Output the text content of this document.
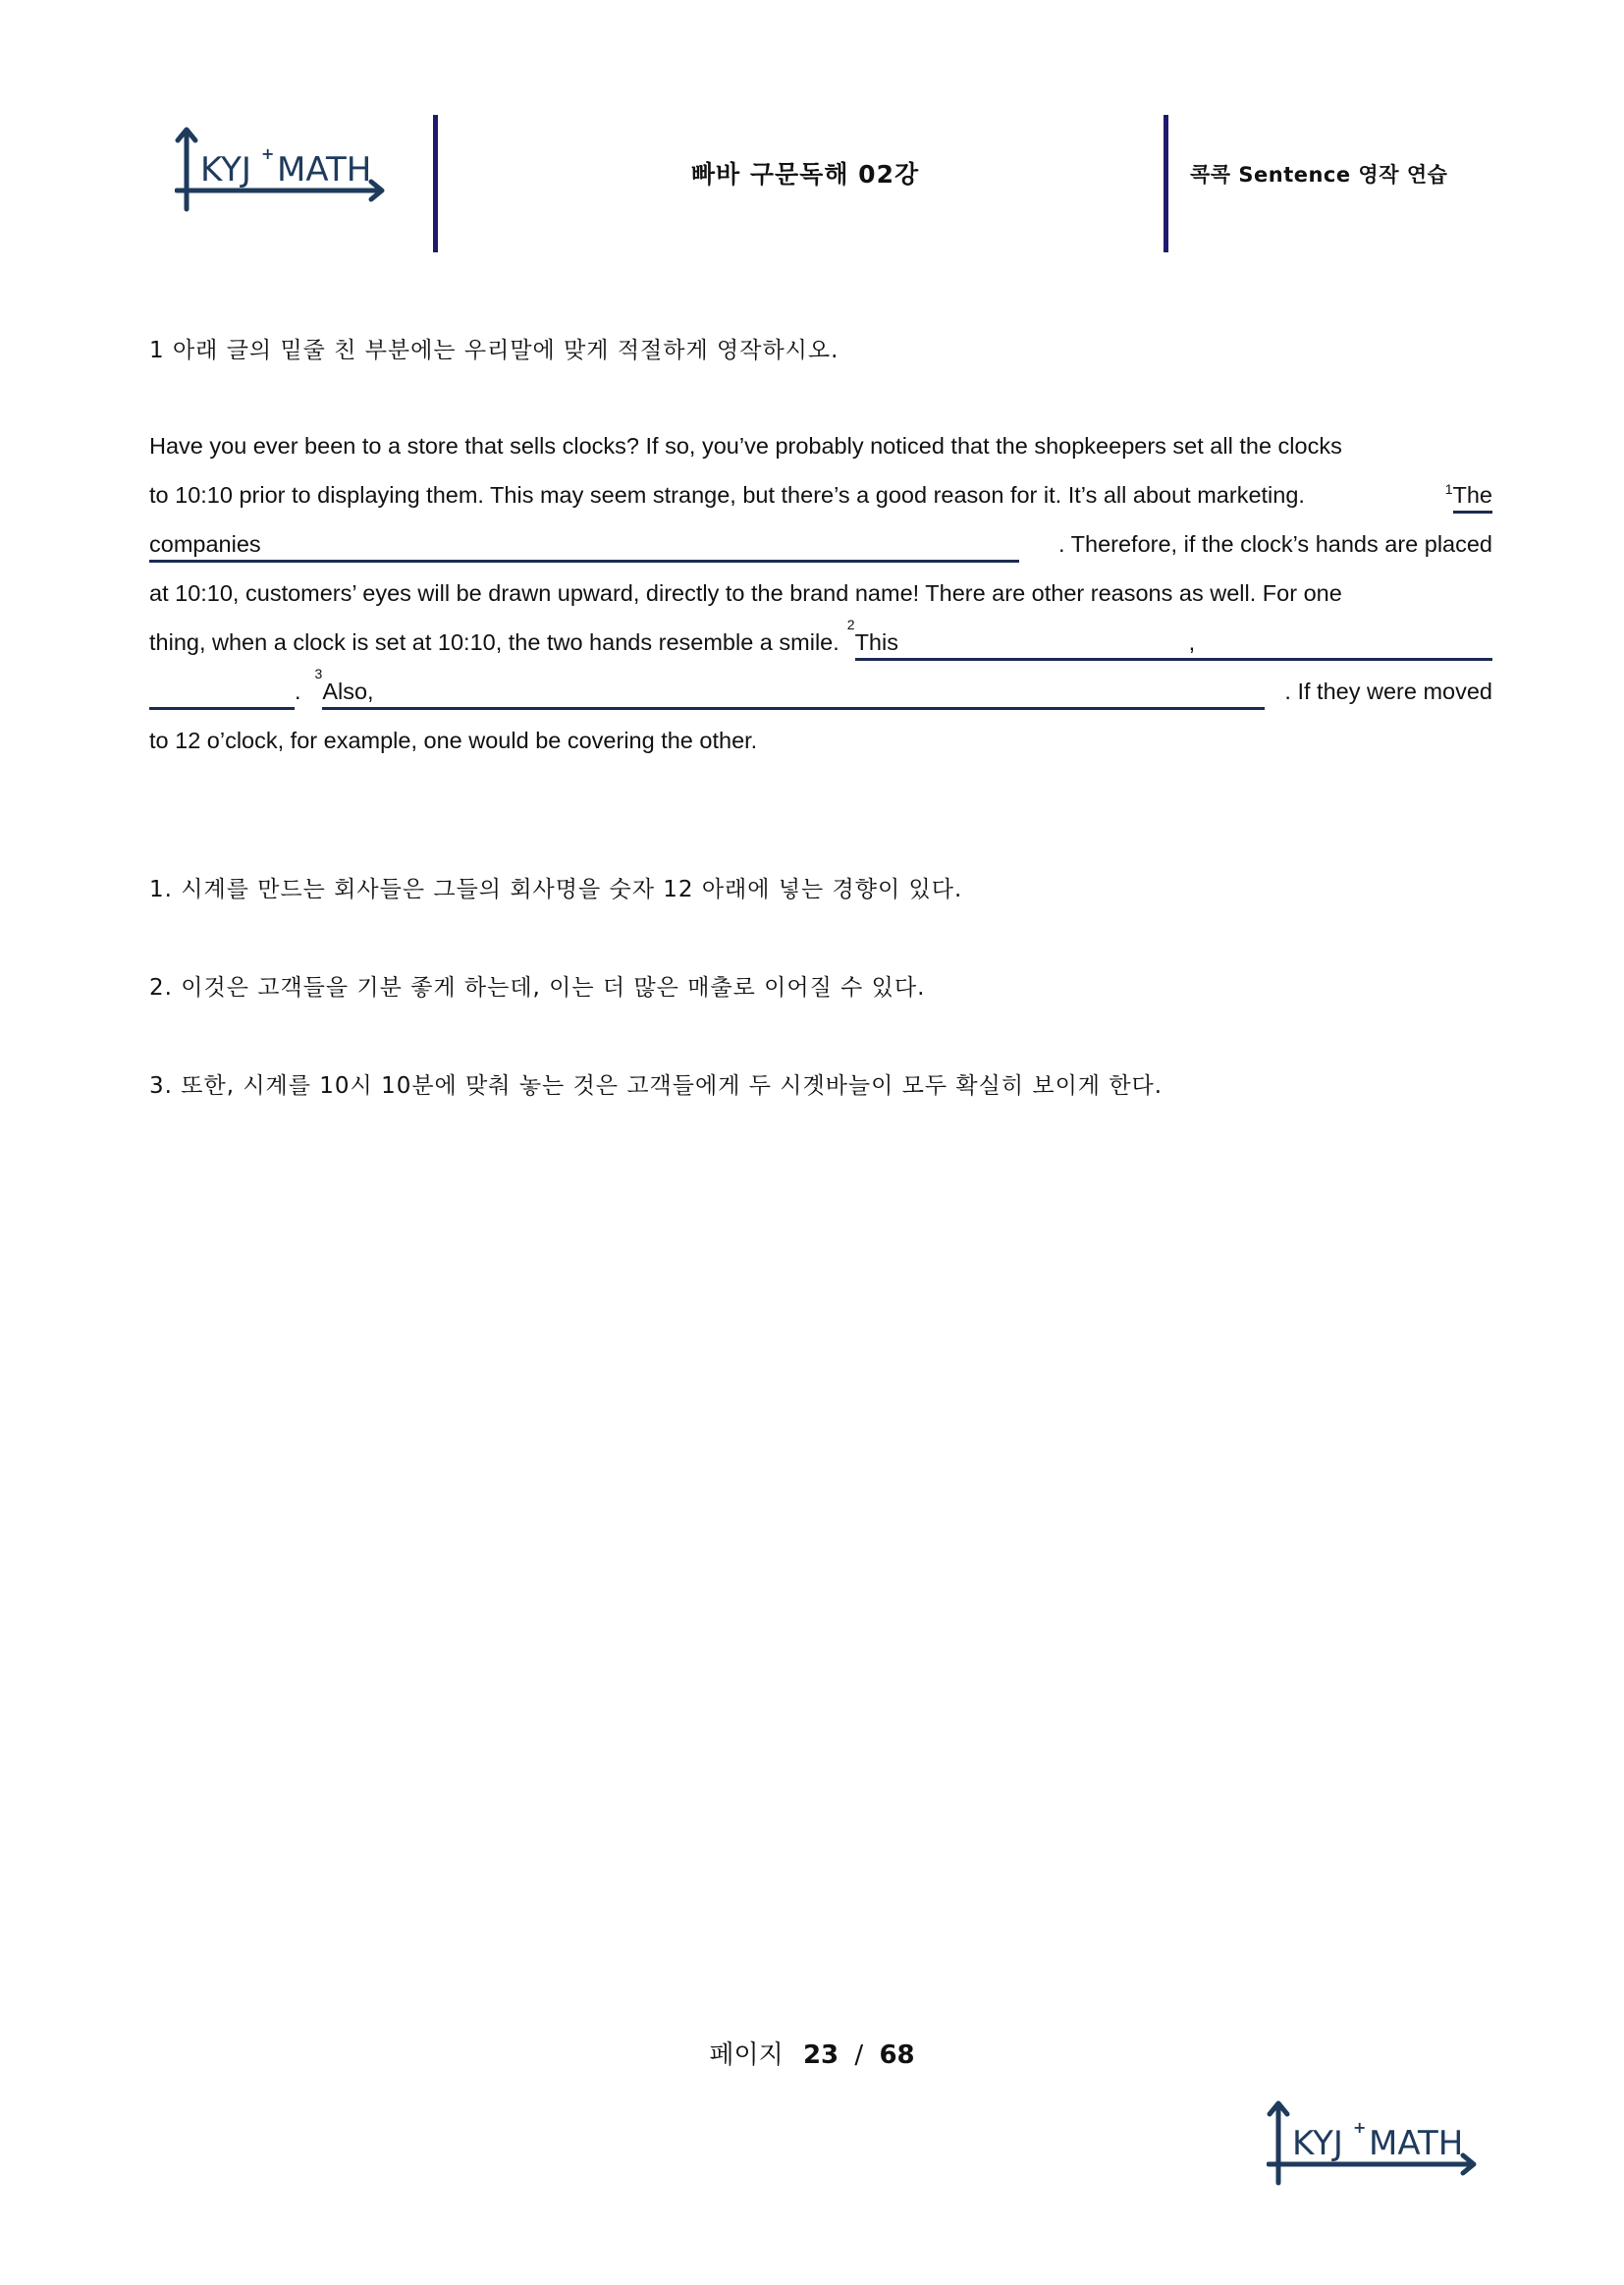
KYJ + MATH	빠바 구문독해 02강	콕콕 Sentence 영작 연습
1 아래 글의 밑줄 친 부분에는 우리말에 맞게 적절하게 영작하시오.
Have you ever been to a store that sells clocks? If so, you’ve probably noticed that the shopkeepers set all the clocks
to 10:10 prior to displaying them. This may seem strange, but there’s a good reason for it. It’s all about marketing.	$^1$The
companies	. Therefore, if the clock’s hands are placed
at 10:10, customers’ eyes will be drawn upward, directly to the brand name! There are other reasons as well. For one
thing, when a clock is set at 10:10, the two hands resemble a smile.
2
This	,
.
3
Also,	. If they were moved
to 12 o’clock, for example, one would be covering the other.
1. 시계를 만드는 회사들은 그들의 회사명을 숫자 12 아래에 넣는 경향이 있다.
2. 이것은 고객들을 기분 좋게 하는데, 이는 더 많은 매출로 이어질 수 있다.
3. 또한, 시계를 10시 10분에 맞춰 놓는 것은 고객들에게 두 시곗바늘이 모두 확실히 보이게 한다.
페이지 23 / 68
KYJ + MATH
